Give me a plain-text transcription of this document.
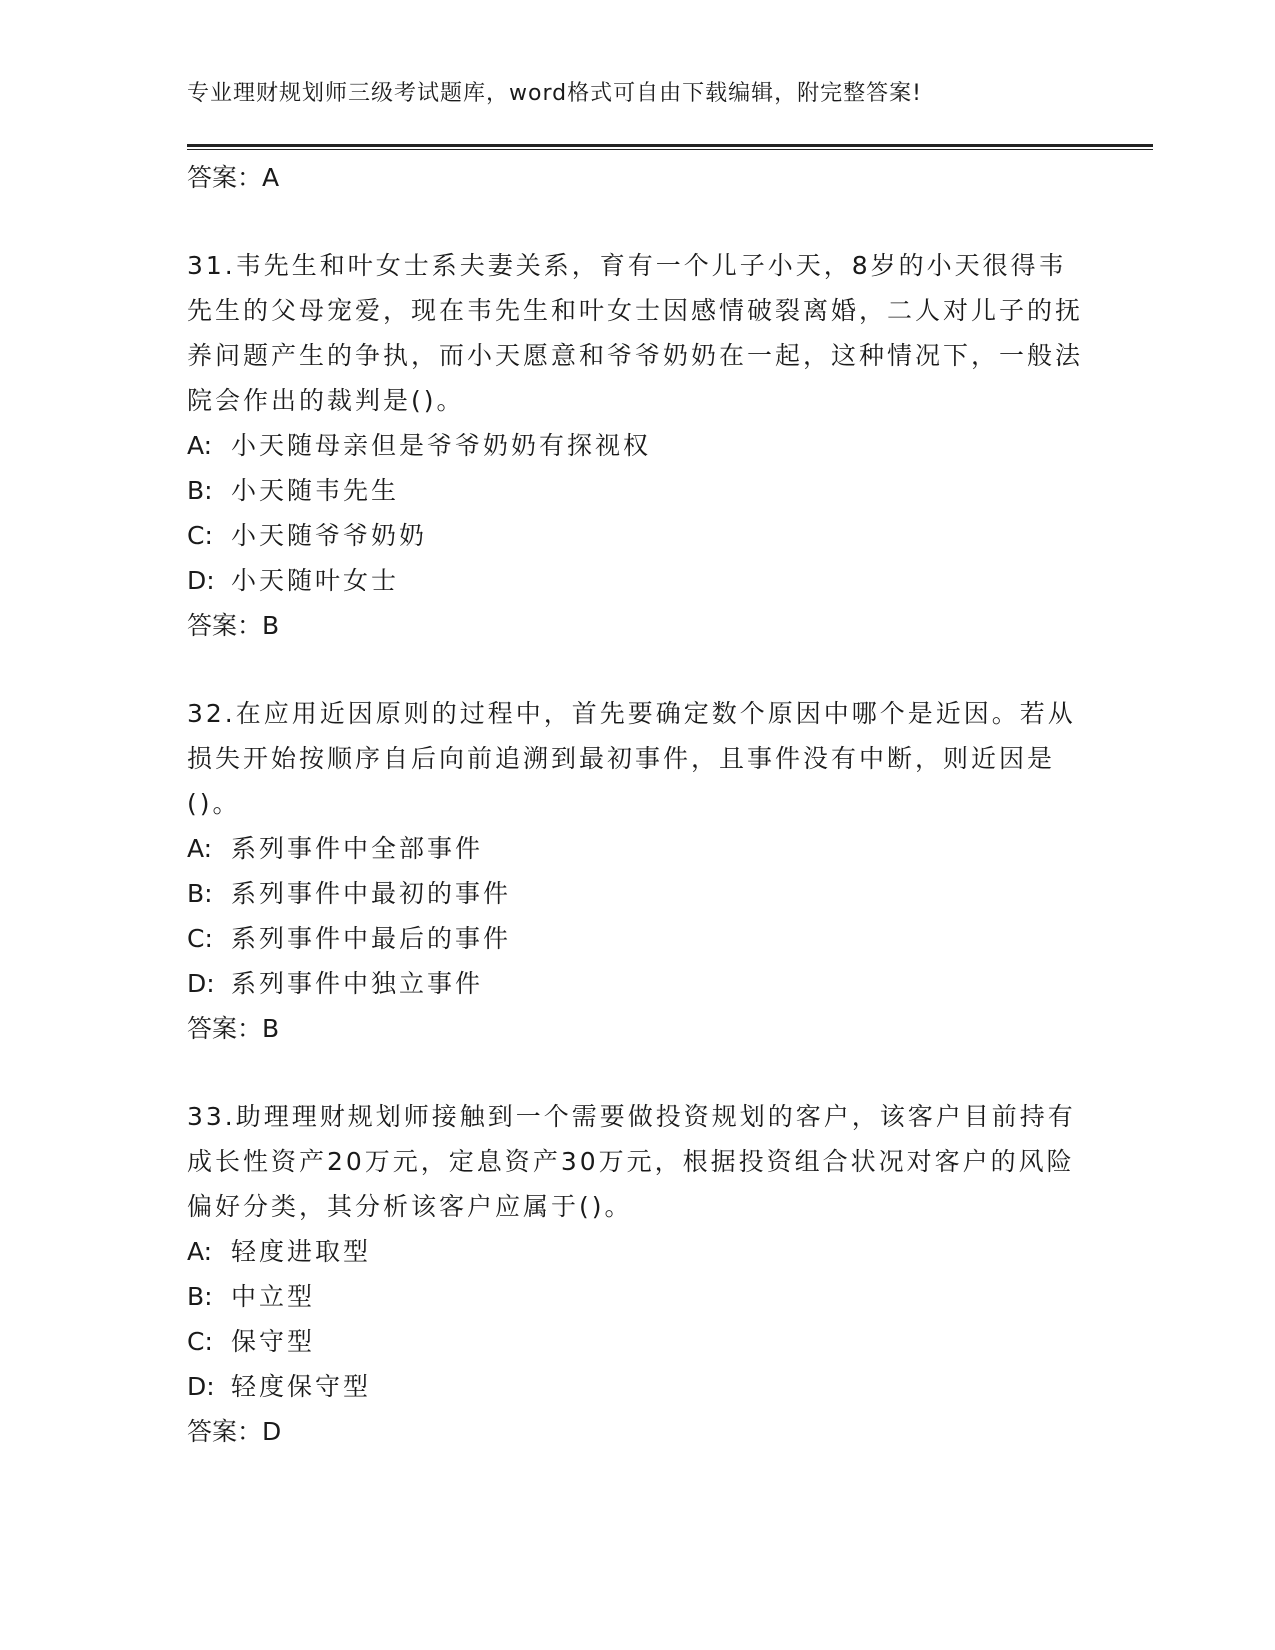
专业理财规划师三级考试题库，word格式可自由下载编辑，附完整答案!
答案：A
31.韦先生和叶女士系夫妻关系，育有一个儿子小天，8岁的小天很得韦先生的父母宠爱，现在韦先生和叶女士因感情破裂离婚，二人对儿子的抚养问题产生的争执，而小天愿意和爷爷奶奶在一起，这种情况下，一般法院会作出的裁判是()。
A: 小天随母亲但是爷爷奶奶有探视权
B: 小天随韦先生
C: 小天随爷爷奶奶
D: 小天随叶女士
答案：B
32.在应用近因原则的过程中，首先要确定数个原因中哪个是近因。若从损失开始按顺序自后向前追溯到最初事件，且事件没有中断，则近因是()。
A: 系列事件中全部事件
B: 系列事件中最初的事件
C: 系列事件中最后的事件
D: 系列事件中独立事件
答案：B
33.助理理财规划师接触到一个需要做投资规划的客户，该客户目前持有成长性资产20万元，定息资产30万元，根据投资组合状况对客户的风险偏好分类，其分析该客户应属于()。
A: 轻度进取型
B: 中立型
C: 保守型
D: 轻度保守型
答案：D
